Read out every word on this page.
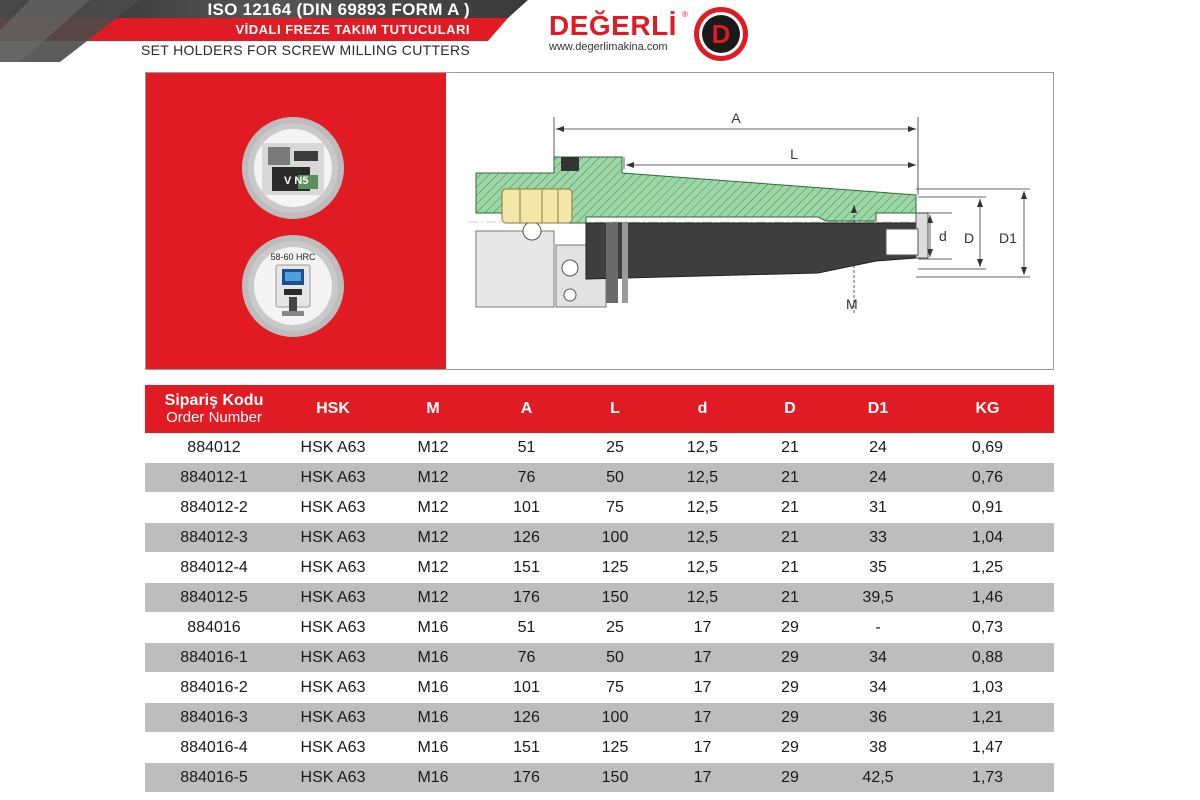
ISO 12164 (DIN 69893 FORM A )
VİDALI FREZE TAKIM TUTUCULARI
SET HOLDERS FOR SCREW MILLING CUTTERS
DEĞERLİ ®
www.degerlimakina.com D
V N5
58-60 HRC
A
L
d D D1
M
Sipariş Kodu
Order Number	HSK	M	A	L	d	D	D1	KG
884012	HSK A63	M12	51	25	12,5	21	24	0,69
884012-1	HSK A63	M12	76	50	12,5	21	24	0,76
884012-2	HSK A63	M12	101	75	12,5	21	31	0,91
884012-3	HSK A63	M12	126	100	12,5	21	33	1,04
884012-4	HSK A63	M12	151	125	12,5	21	35	1,25
884012-5	HSK A63	M12	176	150	12,5	21	39,5	1,46
884016	HSK A63	M16	51	25	17	29	-	0,73
884016-1	HSK A63	M16	76	50	17	29	34	0,88
884016-2	HSK A63	M16	101	75	17	29	34	1,03
884016-3	HSK A63	M16	126	100	17	29	36	1,21
884016-4	HSK A63	M16	151	125	17	29	38	1,47
884016-5	HSK A63	M16	176	150	17	29	42,5	1,73
